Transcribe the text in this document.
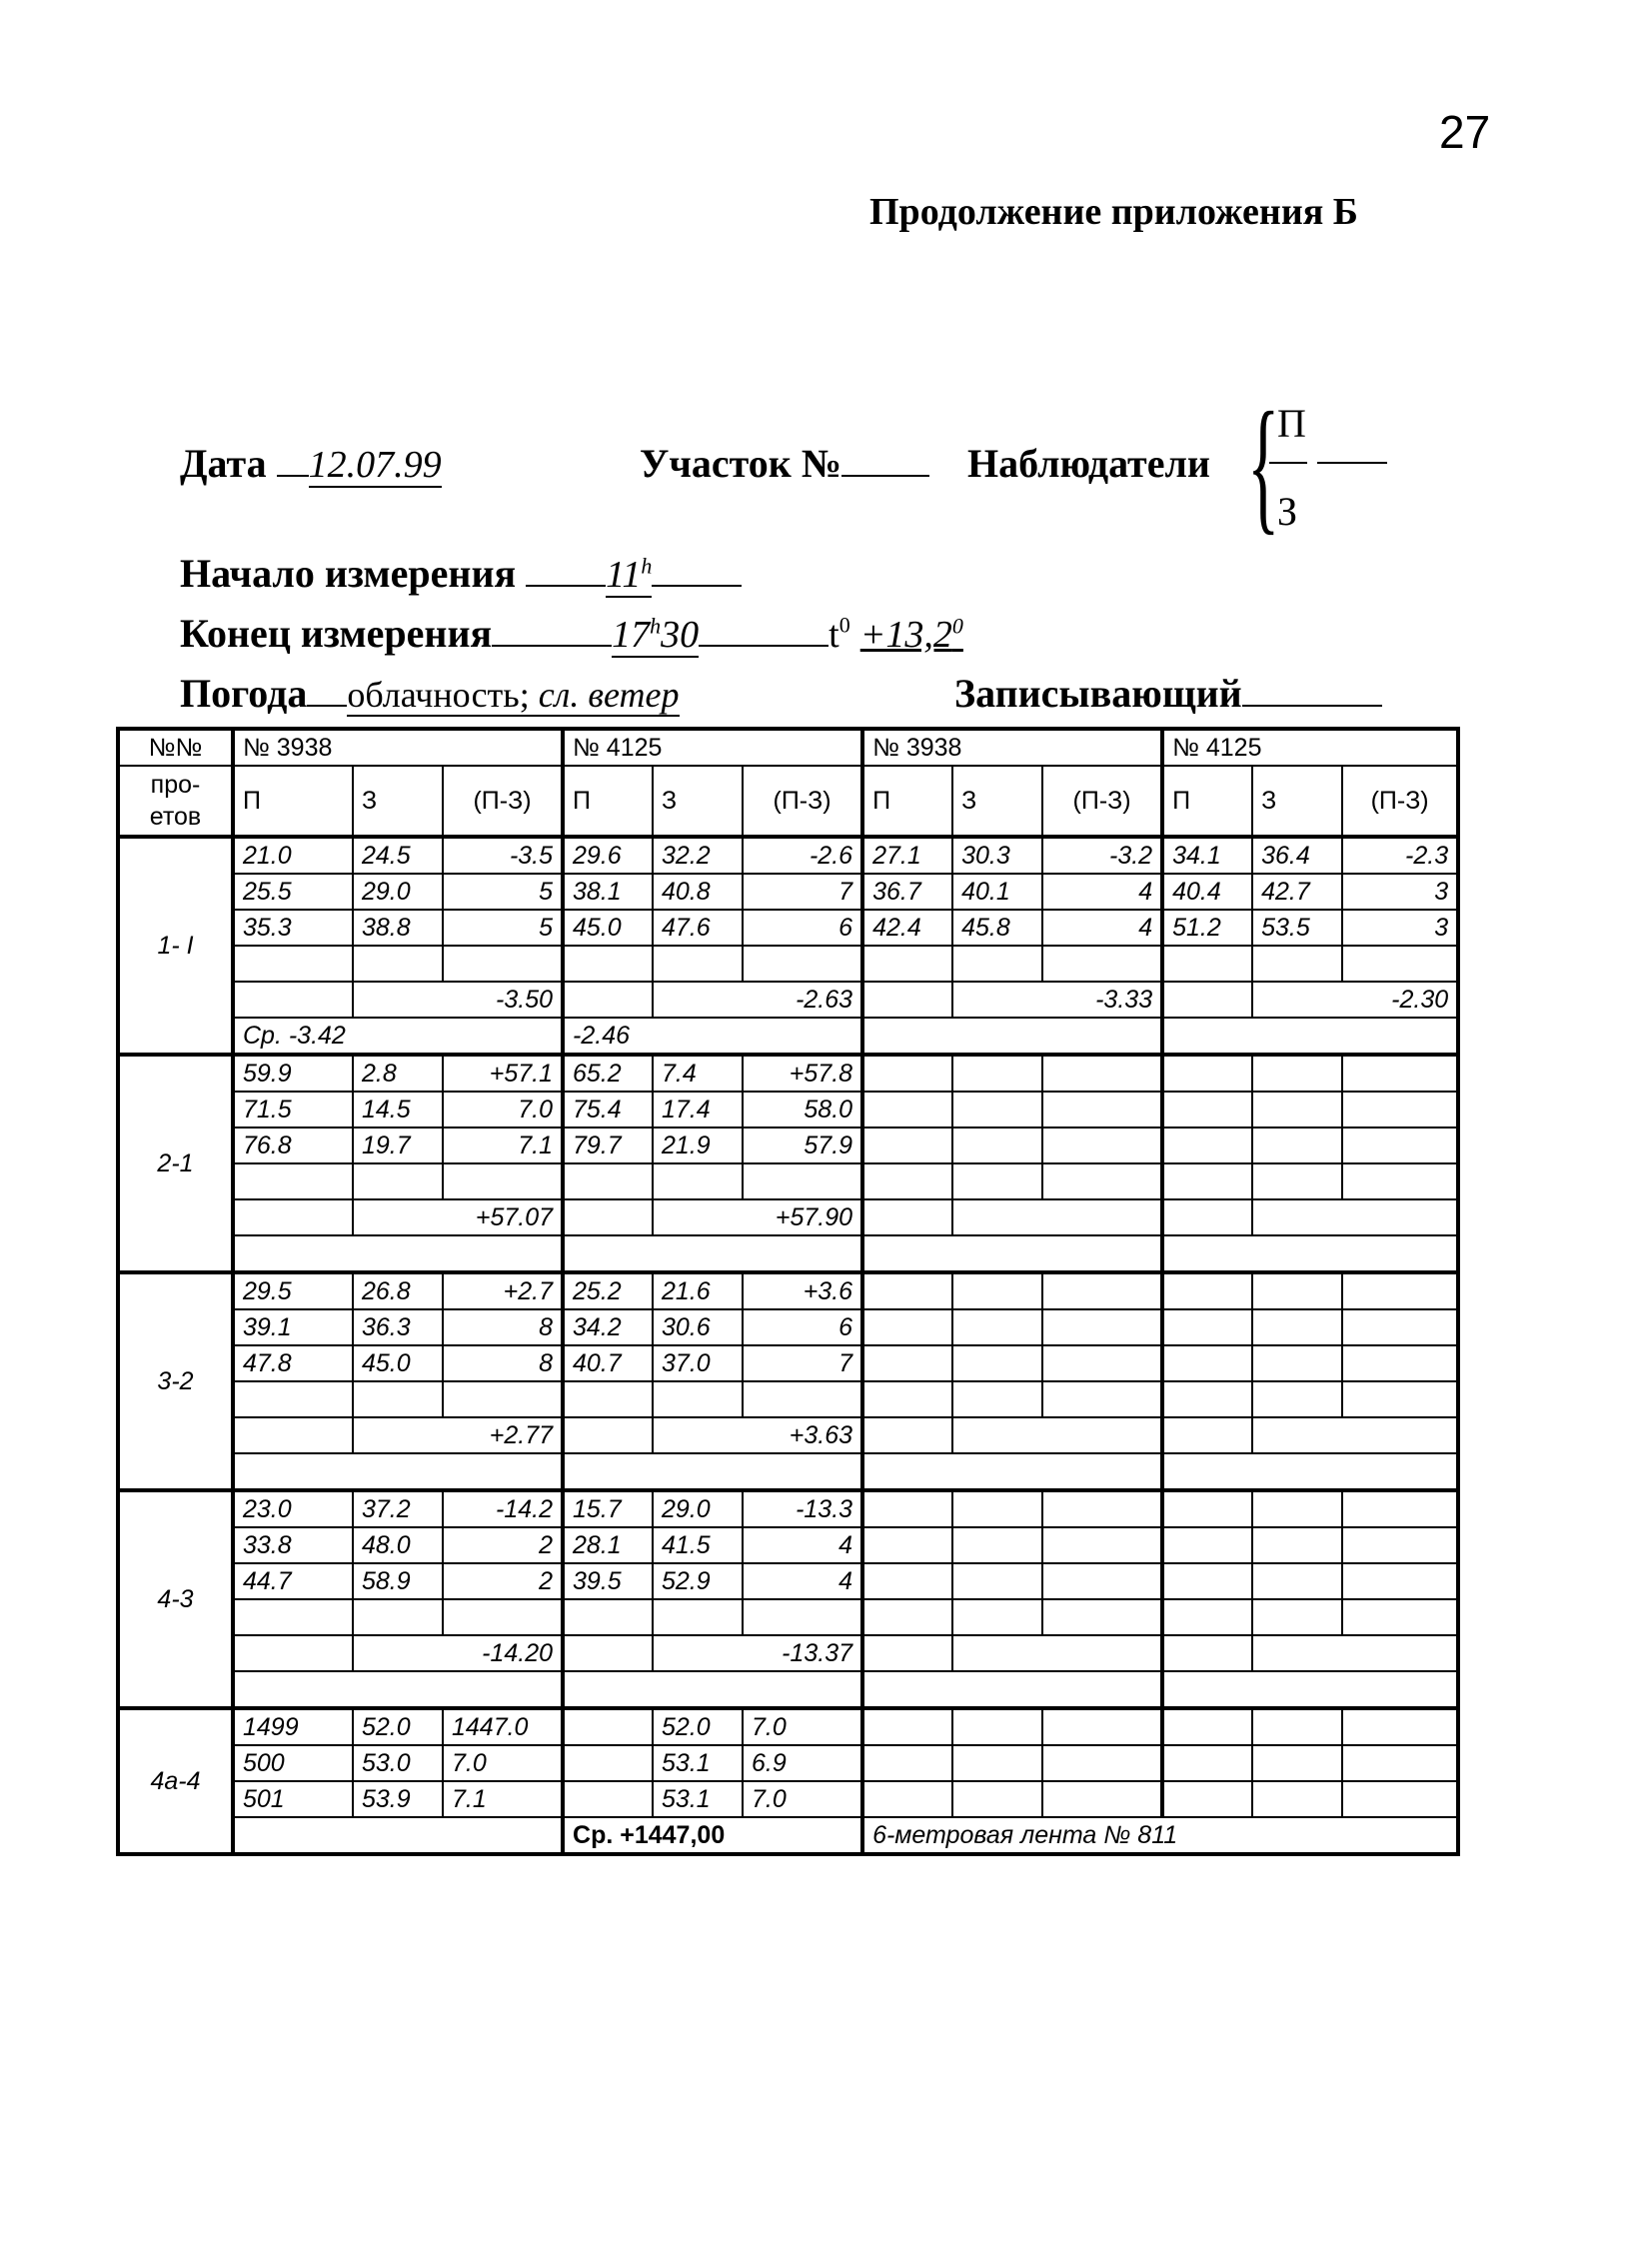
27
Продолжение приложения Б
Дата 12.07.99	Участок №	Наблюдатели {
П
З
Начало измерения 11$^h$
Конец измерения	17$^h$30	$t^0 +13,2^0$
Погода облачность; сл. ветер	Записывающий
№№	№ 3938			№ 4125			№ 3938			№ 4125		
про-
етов	П	З	(П-З)	П	З	(П-З)	П	З	(П-З)	П	З	(П-З)
1- I	21.0	24.5	-3.5	29.6	32.2	-2.6	27.1	30.3	-3.2	34.1	36.4	-2.3
	25.5	29.0	5	38.1	40.8	7	36.7	40.1	4	40.4	42.7	3
	35.3	38.8	5	45.0	47.6	6	42.4	45.8	4	51.2	53.5	3

		-3.50			-2.63			-3.33			-2.30	
	Ср. -3.42			-2.46								
2-1	59.9	2.8	+57.1	65.2	7.4	+57.8						
	71.5	14.5	7.0	75.4	17.4	58.0						
	76.8	19.7	7.1	79.7	21.9	57.9						

		+57.07			+57.90							

3-2	29.5	26.8	+2.7	25.2	21.6	+3.6						
	39.1	36.3	8	34.2	30.6	6						
	47.8	45.0	8	40.7	37.0	7						

		+2.77			+3.63							

4-3	23.0	37.2	-14.2	15.7	29.0	-13.3						
	33.8	48.0	2	28.1	41.5	4						
	44.7	58.9	2	39.5	52.9	4						

		-14.20			-13.37							

4а-4	1499	52.0	1447.0		52.0	7.0						
	500	53.0	7.0		53.1	6.9						
	501	53.9	7.1		53.1	7.0						
				Ср. +1447,00			6-метровая лента № 811					
